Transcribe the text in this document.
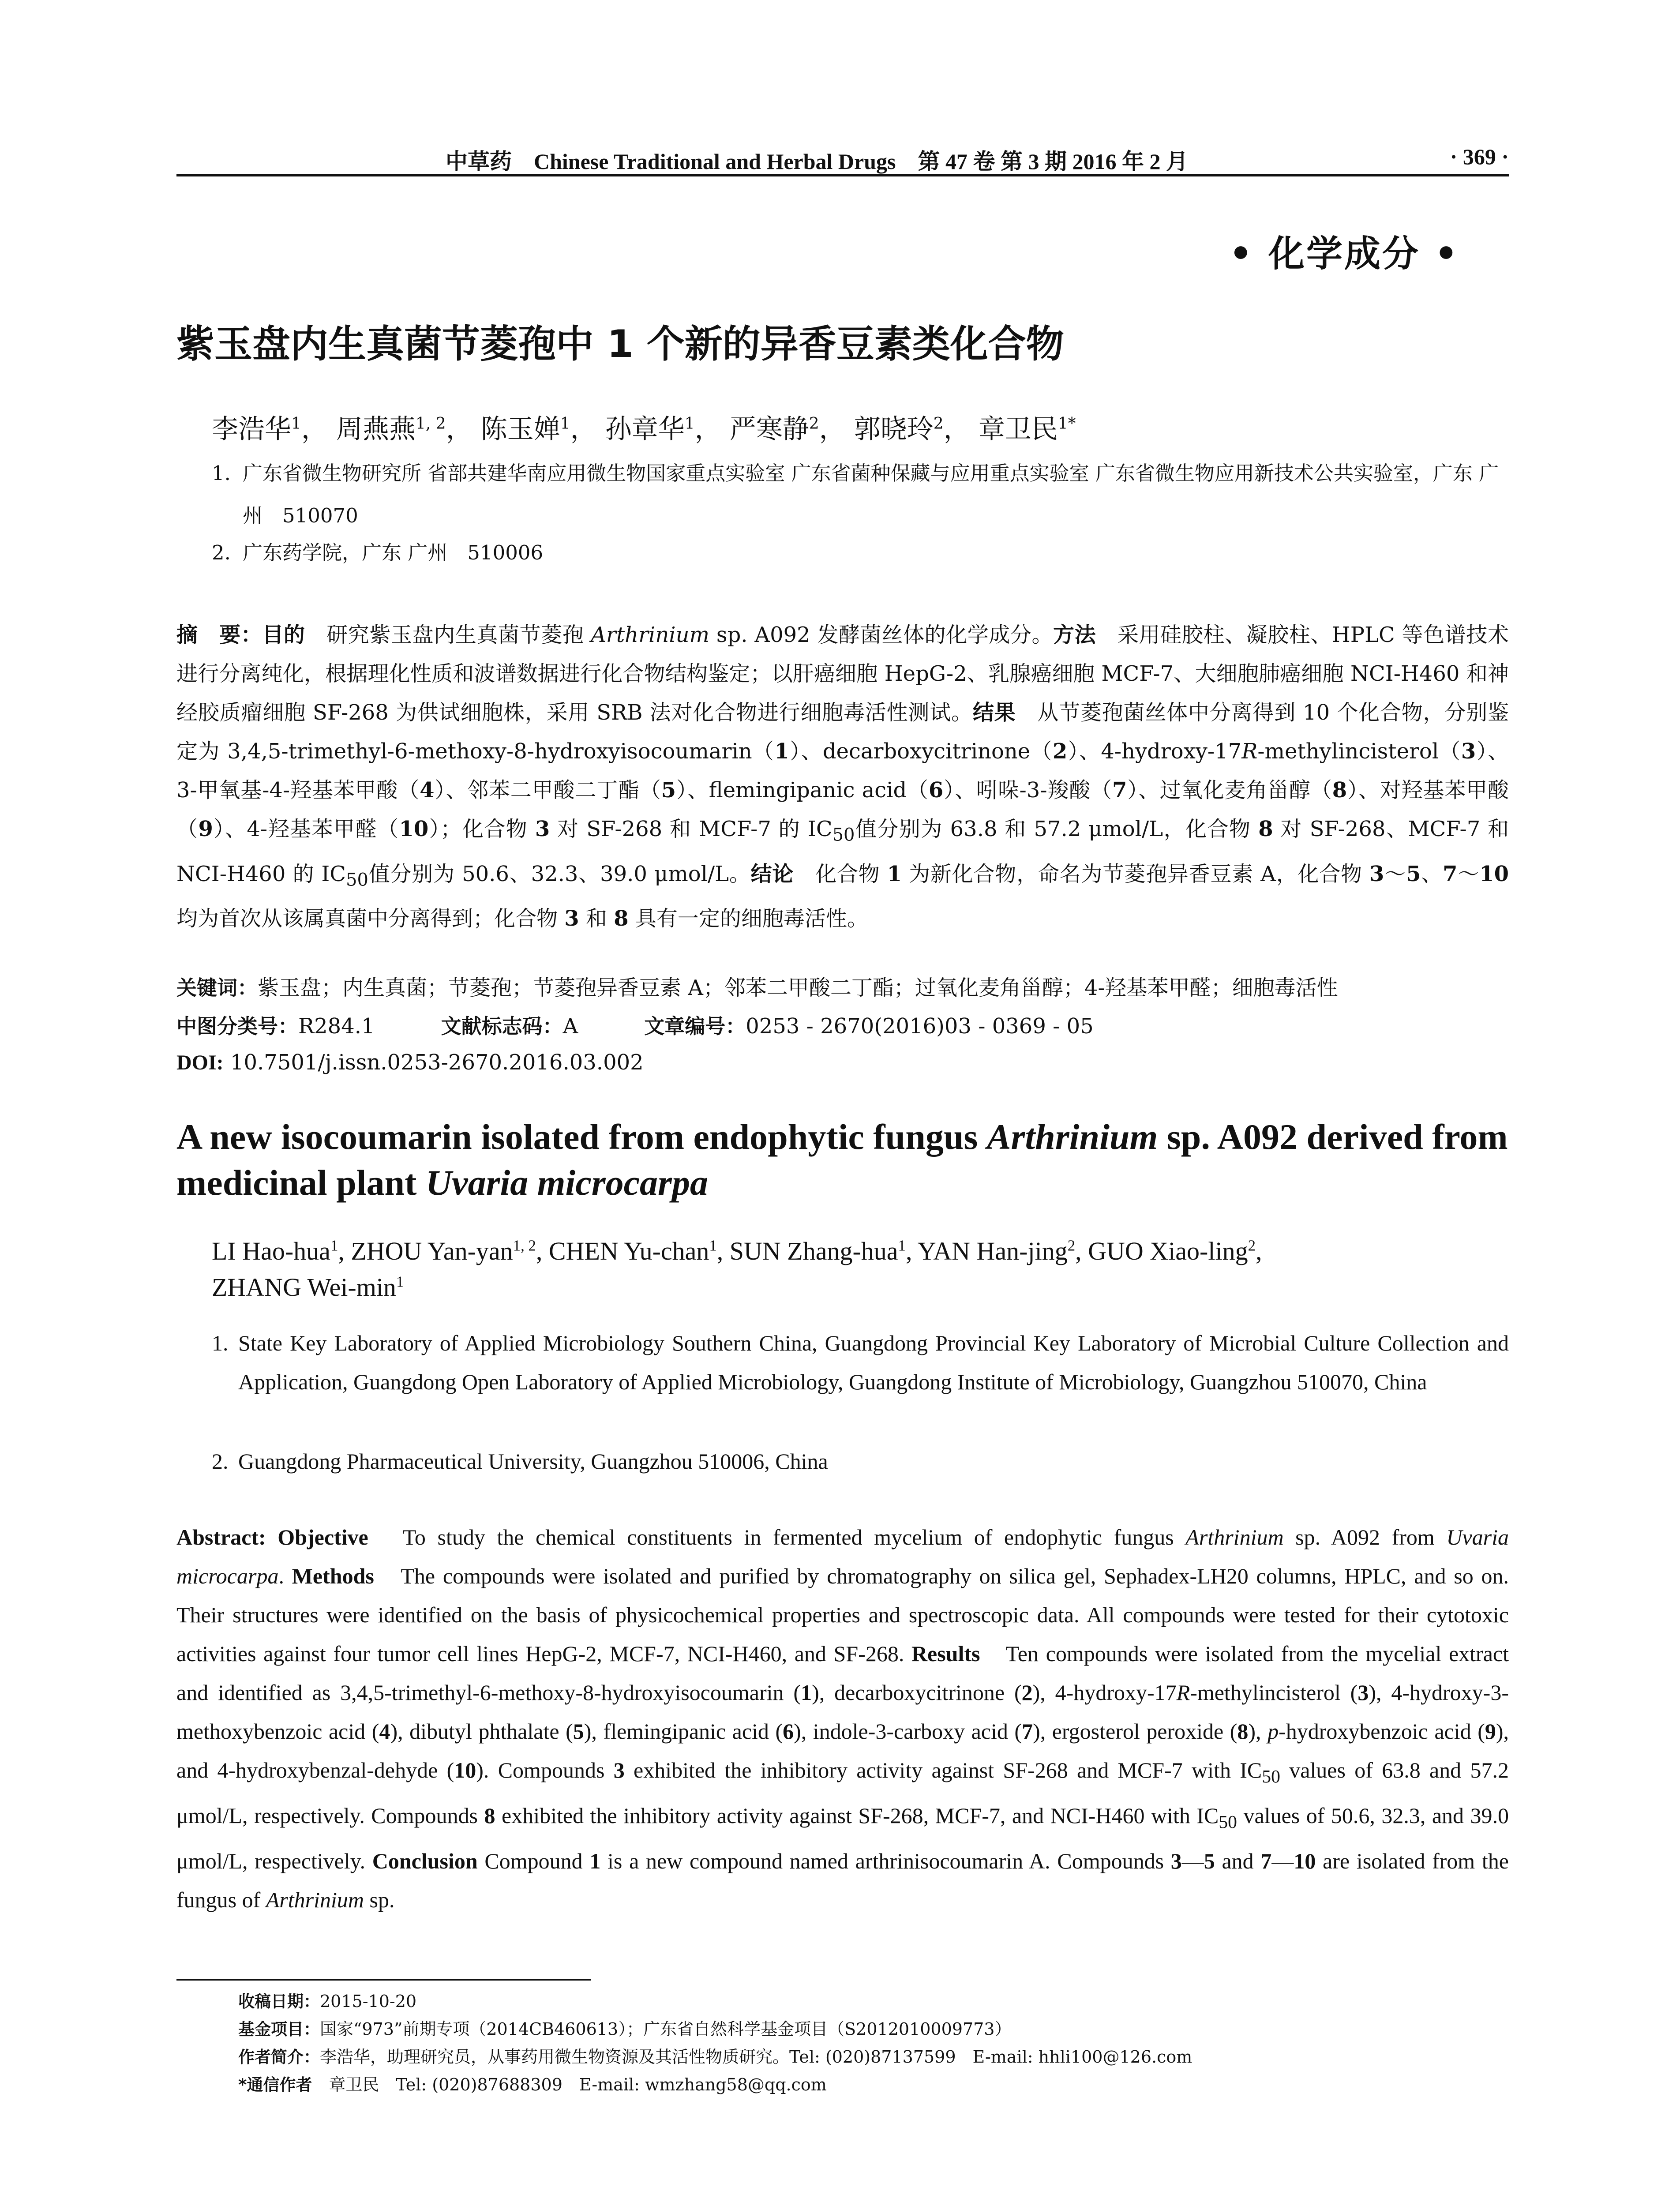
中草药　Chinese Traditional and Herbal Drugs　第 47 卷 第 3 期 2016 年 2 月	· 369 ·
• 化学成分 •
紫玉盘内生真菌节菱孢中 1 个新的异香豆素类化合物
李浩华$^1$， 周燕燕$^{1, 2}$， 陈玉婵$^1$， 孙章华$^1$， 严寒静$^2$， 郭晓玲$^2$， 章卫民$^{1*}$
1. 广东省微生物研究所 省部共建华南应用微生物国家重点实验室 广东省菌种保藏与应用重点实验室 广东省微生物应用新技术公共实验室，广东 广州　510070
2. 广东药学院，广东 广州　510006
摘　要：目的　研究紫玉盘内生真菌节菱孢 Arthrinium sp. A092 发酵菌丝体的化学成分。方法　采用硅胶柱、凝胶柱、HPLC 等色谱技术进行分离纯化，根据理化性质和波谱数据进行化合物结构鉴定；以肝癌细胞 HepG-2、乳腺癌细胞 MCF-7、大细胞肺癌细胞 NCI-H460 和神经胶质瘤细胞 SF-268 为供试细胞株，采用 SRB 法对化合物进行细胞毒活性测试。结果　从节菱孢菌丝体中分离得到 10 个化合物，分别鉴定为 3,4,5-trimethyl-6-methoxy-8-hydroxyisocoumarin（1）、decarboxycitrinone（2）、4-hydroxy-17R-methylincisterol（3）、3-甲氧基-4-羟基苯甲酸（4）、邻苯二甲酸二丁酯（5）、flemingipanic acid（6）、吲哚-3-羧酸（7）、过氧化麦角甾醇（8）、对羟基苯甲酸（9）、4-羟基苯甲醛（10）；化合物 3 对 SF-268 和 MCF-7 的 $IC_{50}$值分别为 63.8 和 57.2 μmol/L，化合物 8 对 SF-268、MCF-7 和 NCI-H460 的 $IC_{50}$值分别为 50.6、32.3、39.0 μmol/L。结论　化合物 1 为新化合物，命名为节菱孢异香豆素 A，化合物 3～5、7～10 均为首次从该属真菌中分离得到；化合物 3 和 8 具有一定的细胞毒活性。
关键词：紫玉盘；内生真菌；节菱孢；节菱孢异香豆素 A；邻苯二甲酸二丁酯；过氧化麦角甾醇；4-羟基苯甲醛；细胞毒活性
中图分类号：R284.1	文献标志码：A	文章编号：0253 - 2670(2016)03 - 0369 - 05
DOI: 10.7501/j.issn.0253-2670.2016.03.002
A new isocoumarin isolated from endophytic fungus Arthrinium sp. A092 derived from medicinal plant Uvaria microcarpa
LI Hao-hua$^1$, ZHOU Yan-yan$^{1, 2}$, CHEN Yu-chan$^1$, SUN Zhang-hua$^1$, YAN Han-jing$^2$, GUO Xiao-ling$^2$,
ZHANG Wei-$\min^1$
1. State Key Laboratory of Applied Microbiology Southern China, Guangdong Provincial Key Laboratory of Microbial Culture Collection and Application, Guangdong Open Laboratory of Applied Microbiology, Guangdong Institute of Microbiology, Guangzhou 510070, China
2. Guangdong Pharmaceutical University, Guangzhou 510006, China
Abstract: Objective　To study the chemical constituents in fermented mycelium of endophytic fungus Arthrinium sp. A092 from Uvaria microcarpa. Methods　The compounds were isolated and purified by chromatography on silica gel, Sephadex-LH20 columns, HPLC, and so on. Their structures were identified on the basis of physicochemical properties and spectroscopic data. All compounds were tested for their cytotoxic activities against four tumor cell lines HepG-2, MCF-7, NCI-H460, and SF-268. Results　Ten compounds were isolated from the mycelial extract and identified as 3,4,5-trimethyl-6-methoxy-8-hydroxyisocoumarin (1), decarboxycitrinone (2), 4-hydroxy-17R-methylincisterol (3), 4-hydroxy-3-methoxybenzoic acid (4), dibutyl phthalate (5), flemingipanic acid (6), indole-3-carboxy acid (7), ergosterol peroxide (8), p-hydroxybenzoic acid (9), and 4-hydroxybenzal-dehyde (10). Compounds 3 exhibited the inhibitory activity against SF-268 and MCF-7 with $IC_{50}$ values of 63.8 and 57.2 μmol/L, respectively. Compounds 8 exhibited the inhibitory activity against SF-268, MCF-7, and NCI-H460 with $IC_{50}$ values of 50.6, 32.3, and 39.0 μmol/L, respectively. Conclusion Compound 1 is a new compound named arthrinisocoumarin A. Compounds 3—5 and 7—10 are isolated from the fungus of Arthrinium sp.
收稿日期：2015-10-20
基金项目：国家“973”前期专项（2014CB460613）；广东省自然科学基金项目（S2012010009773）
作者简介：李浩华，助理研究员，从事药用微生物资源及其活性物质研究。Tel: (020)87137599　E-mail: hhli100@126.com
*通信作者　章卫民　Tel: (020)87688309　E-mail: wmzhang58@qq.com
